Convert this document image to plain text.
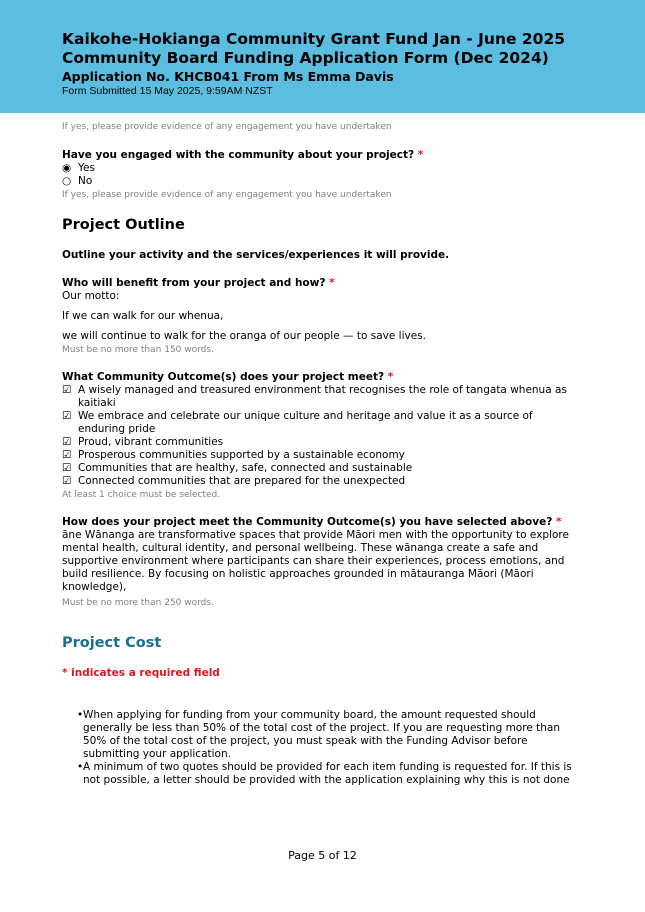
Kaikohe-Hokianga Community Grant Fund Jan - June 2025
Community Board Funding Application Form (Dec 2024)
Application No. KHCB041 From Ms Emma Davis
Form Submitted 15 May 2025, 9:59AM NZST
If yes, please provide evidence of any engagement you have undertaken
Have you engaged with the community about your project? *
◉ Yes
○ No
If yes, please provide evidence of any engagement you have undertaken
Project Outline
Outline your activity and the services/experiences it will provide.
Who will benefit from your project and how? *
Our motto:
If we can walk for our whenua,
we will continue to walk for the oranga of our people — to save lives.
Must be no more than 150 words.
What Community Outcome(s) does your project meet? *
☑ A wisely managed and treasured environment that recognises the role of tangata whenua as kaitiaki
☑ We embrace and celebrate our unique culture and heritage and value it as a source of enduring pride
☑ Proud, vibrant communities
☑ Prosperous communities supported by a sustainable economy
☑ Communities that are healthy, safe, connected and sustainable
☑ Connected communities that are prepared for the unexpected
At least 1 choice must be selected.
How does your project meet the Community Outcome(s) you have selected above? *
āne Wānanga are transformative spaces that provide Māori men with the opportunity to explore mental health, cultural identity, and personal wellbeing. These wānanga create a safe and supportive environment where participants can share their experiences, process emotions, and build resilience. By focusing on holistic approaches grounded in mātauranga Māori (Māori knowledge),
Must be no more than 250 words.
Project Cost
* indicates a required field
• When applying for funding from your community board, the amount requested should generally be less than 50% of the total cost of the project. If you are requesting more than 50% of the total cost of the project, you must speak with the Funding Advisor before submitting your application.
• A minimum of two quotes should be provided for each item funding is requested for. If this is not possible, a letter should be provided with the application explaining why this is not done
Page 5 of 12
